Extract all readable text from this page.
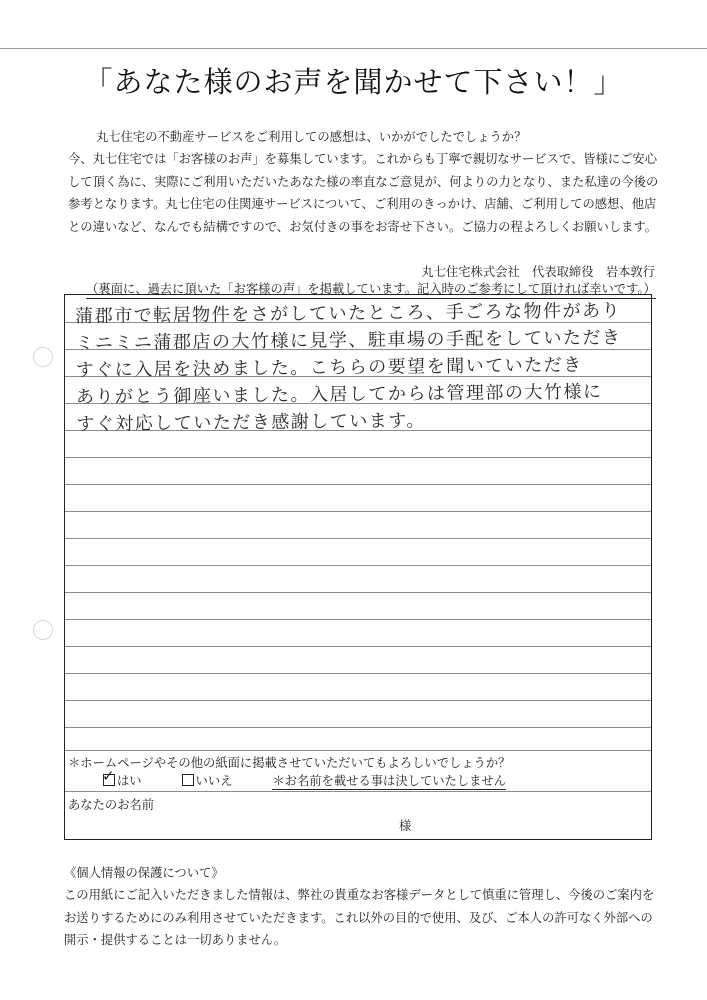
「あなた様のお声を聞かせて下さい！」

丸七住宅の不動産サービスをご利用しての感想は、いかがでしたでしょうか？

今、丸七住宅では「お客様のお声」を募集しています。これからも丁寧で親切なサービスで、皆様にご安心

して頂く為に、実際にご利用いただいたあなた様の率直なご意見が、何よりの力となり、また私達の今後の

参考となります。丸七住宅の住関連サービスについて、ご利用のきっかけ、店舗、ご利用しての感想、他店

との違いなど、なんでも結構ですので、お気付きの事をお寄せ下さい。ご協力の程よろしくお願いします。

丸七住宅株式会社　代表取締役　岩本敦行
（裏面に、過去に頂いた「お客様の声」を掲載しています。記入時のご参考にして頂ければ幸いです。）
蒲郡市で転居物件をさがしていたところ、手ごろな物件があり
ミニミニ蒲郡店の大竹様に見学、駐車場の手配をしていただき
すぐに入居を決めました。こちらの要望を聞いていただき
ありがとう御座いました。入居してからは管理部の大竹様に
すぐ対応していただき感謝しています。
＊ホームページやその他の紙面に掲載させていただいてもよろしいでしょうか？
✓ はい	いいえ	＊お名前を載せる事は決していたしません
あなたのお名前
様

《個人情報の保護について》

この用紙にご記入いただきました情報は、弊社の貴重なお客様データとして慎重に管理し、今後のご案内を

お送りするためにのみ利用させていただきます。これ以外の目的で使用、及び、ご本人の許可なく外部への

開示・提供することは一切ありません。
